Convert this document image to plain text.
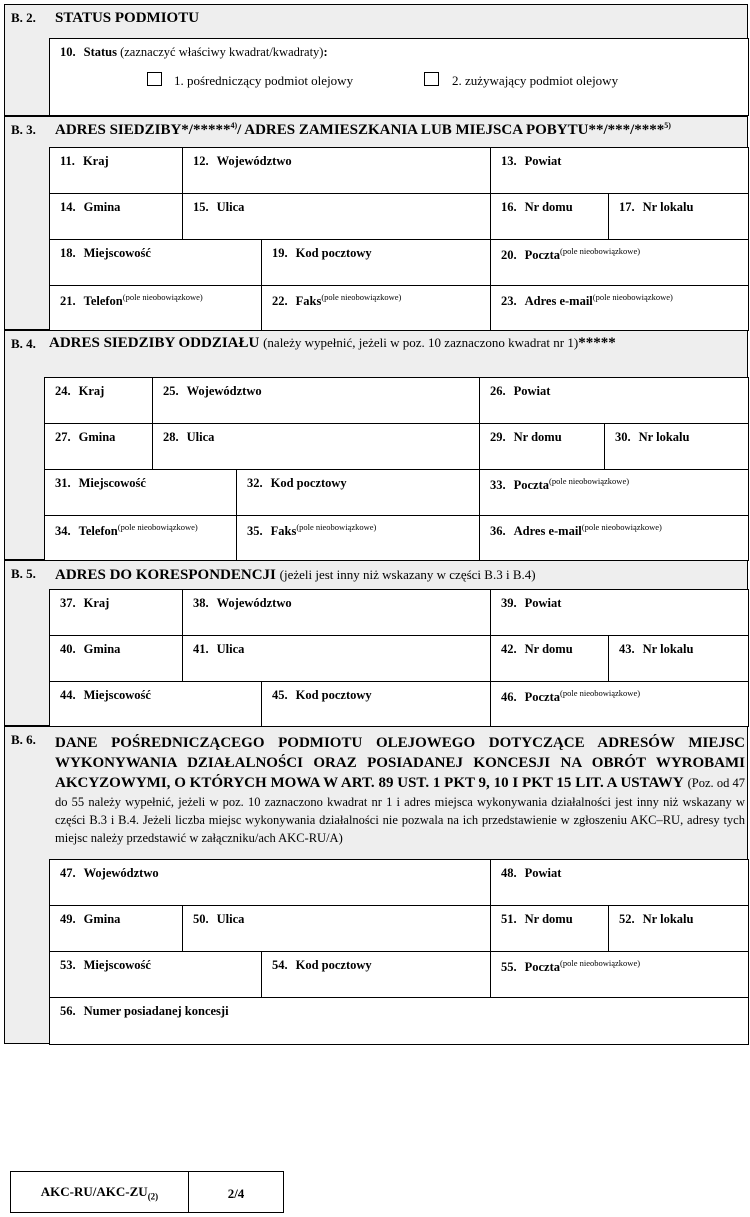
B. 2. STATUS PODMIOTU
10. Status (zaznaczyć właściwy kwadrat/kwadraty):
1. pośredniczący podmiot olejowy	2. zużywający podmiot olejowy
B. 3. ADRES SIEDZIBY*/*****$^{4)}$/ ADRES ZAMIESZKANIA LUB MIEJSCA POBYTU**/***/****$^{5)}$
11. Kraj	12. Województwo	13. Powiat
14. Gmina	15. Ulica	16. Nr domu	17. Nr lokalu
18. Miejscowość	19. Kod pocztowy	20. Poczta$^{(pole nieobowiązkowe)}$
21. Telefon$^{(pole nieobowiązkowe)}$	22. Faks$^{(pole nieobowiązkowe)}$	23. Adres e-mail$^{(pole nieobowiązkowe)}$
B. 4. ADRES SIEDZIBY ODDZIAŁU (należy wypełnić, jeżeli w poz. 10 zaznaczono kwadrat nr 1)*****
24. Kraj	25. Województwo	26. Powiat
27. Gmina	28. Ulica	29. Nr domu	30. Nr lokalu
31. Miejscowość	32. Kod pocztowy	33. Poczta$^{(pole nieobowiązkowe)}$
34. Telefon$^{(pole nieobowiązkowe)}$	35. Faks$^{(pole nieobowiązkowe)}$	36. Adres e-mail$^{(pole nieobowiązkowe)}$
B. 5. ADRES DO KORESPONDENCJI (jeżeli jest inny niż wskazany w części B.3 i B.4)
37. Kraj	38. Województwo	39. Powiat
40. Gmina	41. Ulica	42. Nr domu	43. Nr lokalu
44. Miejscowość	45. Kod pocztowy	46. Poczta$^{(pole nieobowiązkowe)}$
B. 6. DANE POŚREDNICZĄCEGO PODMIOTU OLEJOWEGO DOTYCZĄCE ADRESÓW MIEJSC WYKONYWANIA DZIAŁALNOŚCI ORAZ POSIADANEJ KONCESJI NA OBRÓT WYROBAMI AKCYZOWYMI, O KTÓRYCH MOWA W ART. 89 UST. 1 PKT 9, 10 I PKT 15 LIT. A USTAWY (Poz. od 47 do 55 należy wypełnić, jeżeli w poz. 10 zaznaczono kwadrat nr 1 i adres miejsca wykonywania działalności jest inny niż wskazany w części B.3 i B.4. Jeżeli liczba miejsc wykonywania działalności nie pozwala na ich przedstawienie w zgłoszeniu AKC–RU, adresy tych miejsc należy przedstawić w załączniku/ach AKC-RU/A)
47. Województwo	48. Powiat
49. Gmina	50. Ulica	51. Nr domu	52. Nr lokalu
53. Miejscowość	54. Kod pocztowy	55. Poczta$^{(pole nieobowiązkowe)}$
56. Numer posiadanej koncesji
AKC-$RU/AKC-ZU_{(2)}$	2/4
